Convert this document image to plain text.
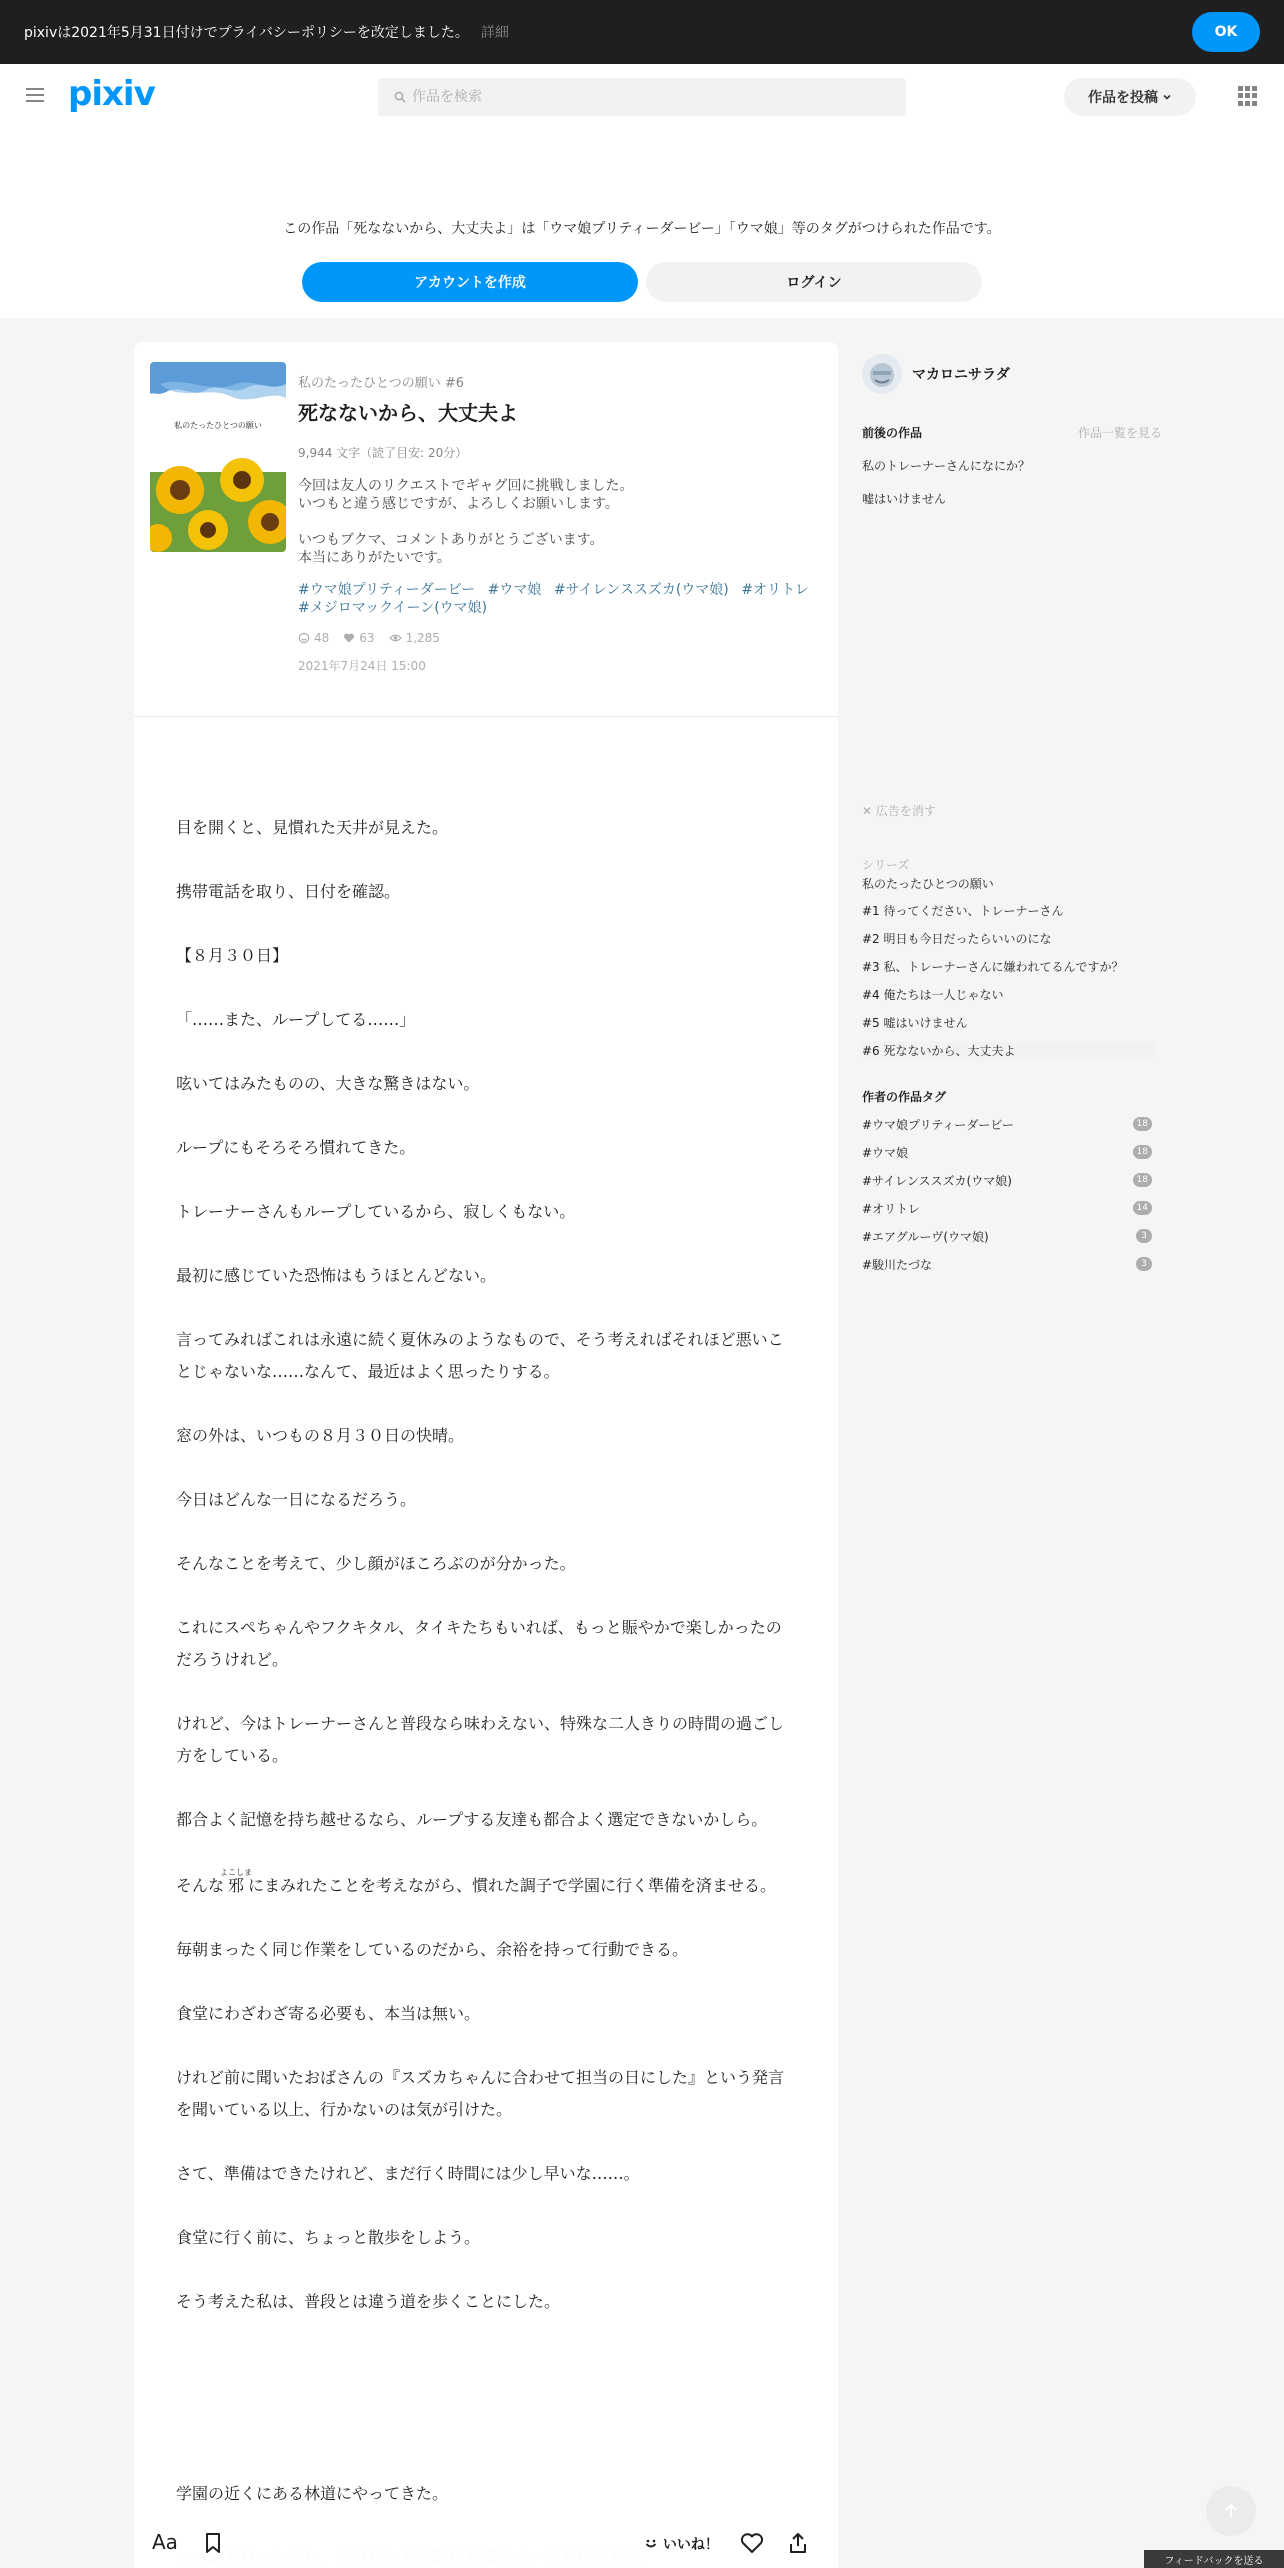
pixivは2021年5月31日付けでプライバシーポリシーを改定しました。 詳細	OK
pixiv
作品を検索	作品を投稿
この作品「死なないから、大丈夫よ」は「ウマ娘プリティーダービー」「ウマ娘」等のタグがつけられた作品です。
アカウントを作成	ログイン
私のたったひとつの願い
私のたったひとつの願い #6
死なないから、大丈夫よ
9,944 文字（読了目安: 20分）

今回は友人のリクエストでギャグ回に挑戦しました。

いつもと違う感じですが、よろしくお願いします。

いつもブクマ、コメントありがとうございます。

本当にありがたいです。

#ウマ娘プリティーダービー #ウマ娘 #サイレンススズカ(ウマ娘) #オリトレ #メジロマックイーン(ウマ娘)
48	63	1,285
2021年7月24日 15:00

目を開くと、見慣れた天井が見えた。

携帯電話を取り、日付を確認。

【８月３０日】

「……また、ループしてる……」

呟いてはみたものの、大きな驚きはない。

ループにもそろそろ慣れてきた。

トレーナーさんもループしているから、寂しくもない。

最初に感じていた恐怖はもうほとんどない。

言ってみればこれは永遠に続く夏休みのようなもので、そう考えればそれほど悪いこ
とじゃないな……なんて、最近はよく思ったりする。

窓の外は、いつもの８月３０日の快晴。

今日はどんな一日になるだろう。

そんなことを考えて、少し顔がほころぶのが分かった。

これにスペちゃんやフクキタル、タイキたちもいれば、もっと賑やかで楽しかったの
だろうけれど。

けれど、今はトレーナーさんと普段なら味わえない、特殊な二人きりの時間の過ごし
方をしている。

都合よく記憶を持ち越せるなら、ループする友達も都合よく選定できないかしら。

そんな邪よこしまにまみれたことを考えながら、慣れた調子で学園に行く準備を済ませる。

毎朝まったく同じ作業をしているのだから、余裕を持って行動できる。

食堂にわざわざ寄る必要も、本当は無い。

けれど前に聞いたおばさんの『スズカちゃんに合わせて担当の日にした』という発言
を聞いている以上、行かないのは気が引けた。

さて、準備はできたけれど、まだ行く時間には少し早いな……。

食堂に行く前に、ちょっと散歩をしよう。

そう考えた私は、普段とは違う道を歩くことにした。

学園の近くにある林道にやってきた。

Aa	いいね！
マカロニサラダ
前後の作品	作品一覧を見る
私のトレーナーさんになにか？
嘘はいけません
✕ 広告を消す
シリーズ
私のたったひとつの願い
#1 待ってください、トレーナーさん
#2 明日も今日だったらいいのにな
#3 私、トレーナーさんに嫌われてるんですか？
#4 俺たちは一人じゃない
#5 嘘はいけません
#6 死なないから、大丈夫よ
作者の作品タグ
#ウマ娘プリティーダービー	18
#ウマ娘	18
#サイレンススズカ(ウマ娘)	18
#オリトレ	14
#エアグルーヴ(ウマ娘)	3
#駿川たづな	3
フィードバックを送る
